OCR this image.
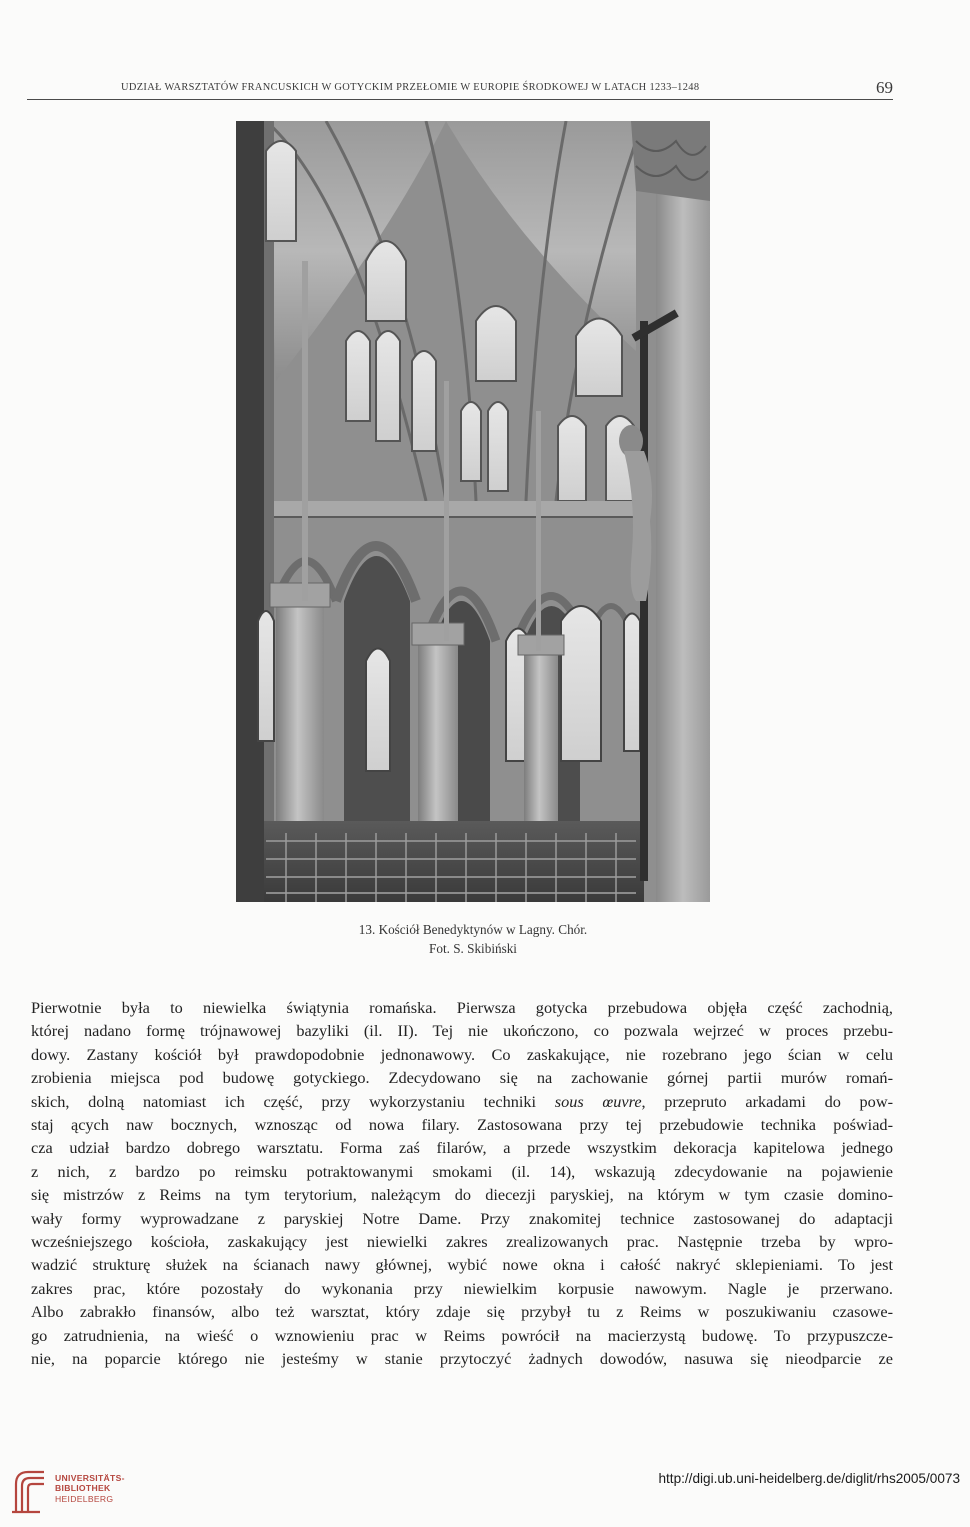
UDZIAŁ WARSZTATÓW FRANCUSKICH W GOTYCKIM PRZEŁOMIE W EUROPIE ŚRODKOWEJ W LATACH 1233–1248	69
13. Kościół Benedyktynów w Lagny. Chór.
Fot. S. Skibiński
Pierwotnie była to niewielka świątynia romańska. Pierwsza gotycka przebudowa objęła część zachodnią,
której nadano formę trójnawowej bazyliki (il. II). Tej nie ukończono, co pozwala wejrzeć w proces przebu-
dowy. Zastany kościół był prawdopodobnie jednonawowy. Co zaskakujące, nie rozebrano jego ścian w celu
zrobienia miejsca pod budowę gotyckiego. Zdecydowano się na zachowanie górnej partii murów romań-
skich, dolną natomiast ich część, przy wykorzystaniu techniki sous œuvre, przepruto arkadami do pow-
staj ących naw bocznych, wznosząc od nowa filary. Zastosowana przy tej przebudowie technika poświad-
cza udział bardzo dobrego warsztatu. Forma zaś filarów, a przede wszystkim dekoracja kapitelowa jednego
z nich, z bardzo po reimsku potraktowanymi smokami (il. 14), wskazują zdecydowanie na pojawienie
się mistrzów z Reims na tym terytorium, należącym do diecezji paryskiej, na którym w tym czasie domino-
wały formy wyprowadzane z paryskiej Notre Dame. Przy znakomitej technice zastosowanej do adaptacji
wcześniejszego kościoła, zaskakujący jest niewielki zakres zrealizowanych prac. Następnie trzeba by wpro-
wadzić strukturę służek na ścianach nawy głównej, wybić nowe okna i całość nakryć sklepieniami. To jest
zakres prac, które pozostały do wykonania przy niewielkim korpusie nawowym. Nagle je przerwano.
Albo zabrakło finansów, albo też warsztat, który zdaje się przybył tu z Reims w poszukiwaniu czasowe-
go zatrudnienia, na wieść o wznowieniu prac w Reims powrócił na macierzystą budowę. To przypuszcze-
nie, na poparcie którego nie jesteśmy w stanie przytoczyć żadnych dowodów, nasuwa się nieodparcie ze
UNIVERSITÄTS-
BIBLIOTHEK
HEIDELBERG
http://digi.ub.uni-heidelberg.de/diglit/rhs2005/0073
